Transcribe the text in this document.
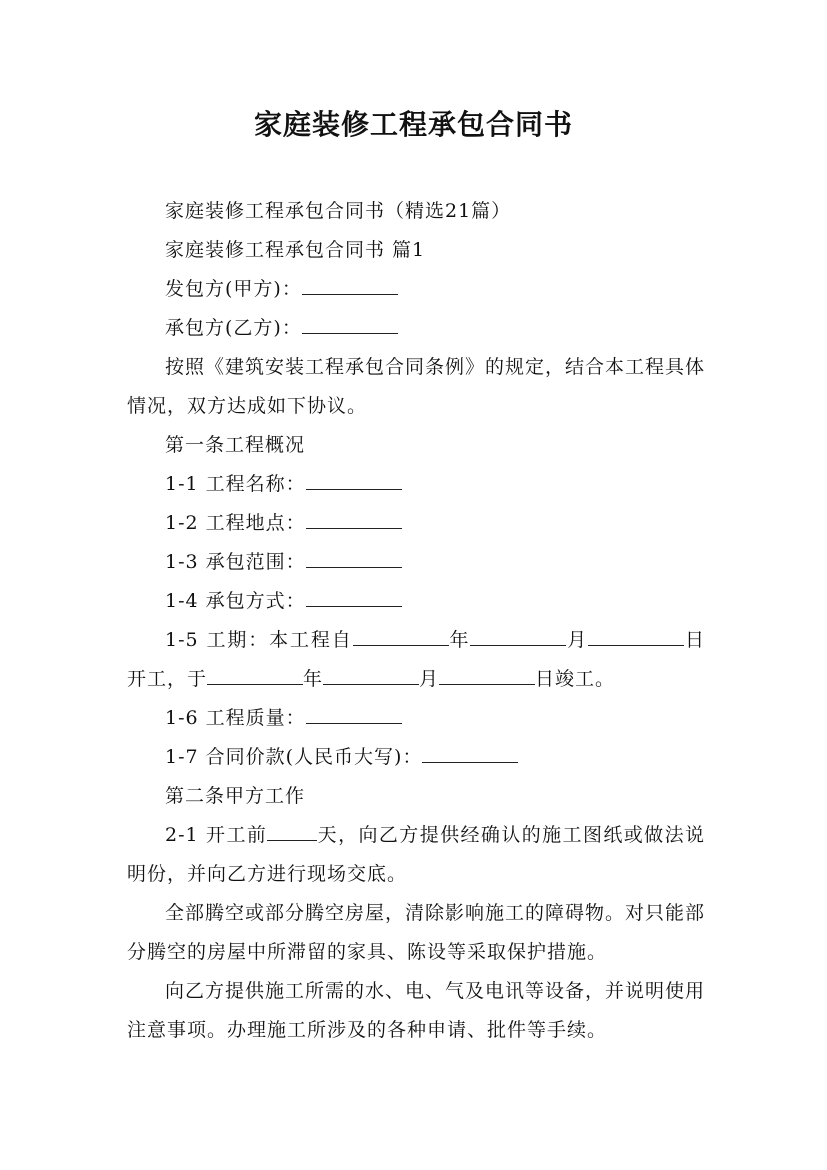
家庭装修工程承包合同书

家庭装修工程承包合同书（精选21篇）

家庭装修工程承包合同书 篇1

发包方(甲方)：

承包方(乙方)：

按照《建筑安装工程承包合同条例》的规定，结合本工程具体情况，双方达成如下协议。

第一条工程概况

1-1 工程名称：

1-2 工程地点：

1-3 承包范围：

1-4 承包方式：

1-5 工期：本工程自	年	月	日开工，于	年	月	日竣工。

1-6 工程质量：

1-7 合同价款(人民币大写)：

第二条甲方工作

2-1 开工前	天，向乙方提供经确认的施工图纸或做法说明份，并向乙方进行现场交底。

全部腾空或部分腾空房屋，清除影响施工的障碍物。对只能部分腾空的房屋中所滞留的家具、陈设等采取保护措施。

向乙方提供施工所需的水、电、气及电讯等设备，并说明使用注意事项。办理施工所涉及的各种申请、批件等手续。
